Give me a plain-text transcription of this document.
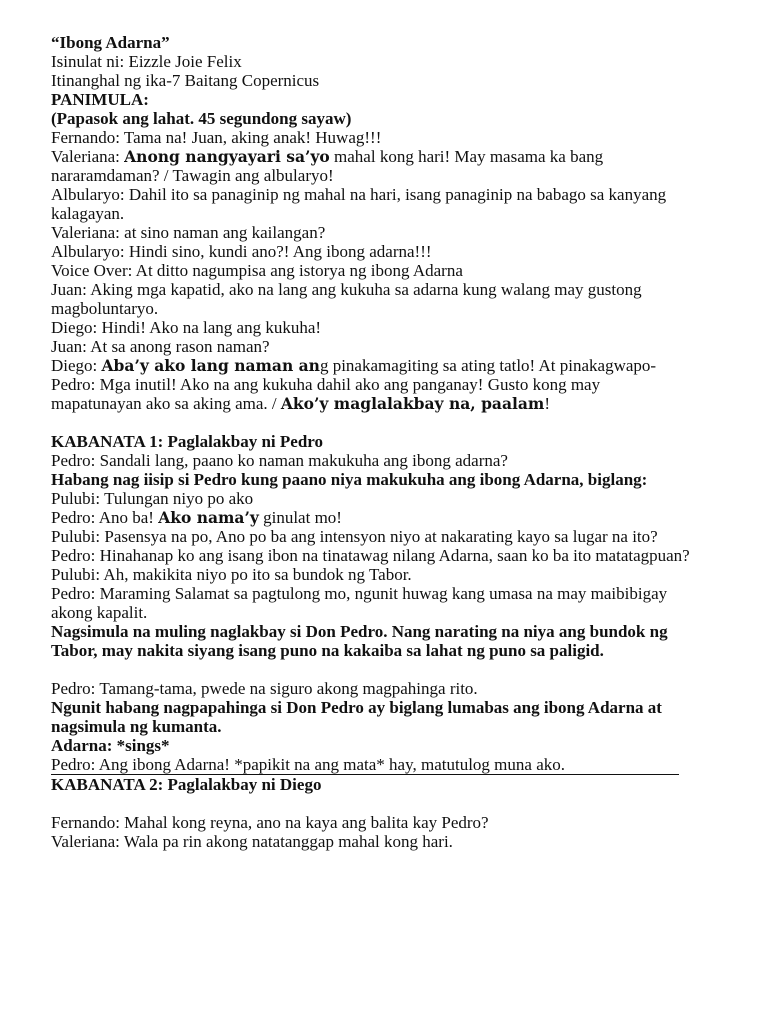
“Ibong Adarna”

Isinulat ni: Eizzle Joie Felix

Itinanghal ng ika-7 Baitang Copernicus

PANIMULA:

(Papasok ang lahat. 45 segundong sayaw)

Fernando: Tama na! Juan, aking anak! Huwag!!!

Valeriana: Anong nangyayari sa’yo mahal kong hari! May masama ka bang nararamdaman? / Tawagin ang albularyo!

Albularyo: Dahil ito sa panaginip ng mahal na hari, isang panaginip na babago sa kanyang kalagayan.

Valeriana: at sino naman ang kailangan?

Albularyo: Hindi sino, kundi ano?! Ang ibong adarna!!!

Voice Over: At ditto nagumpisa ang istorya ng ibong Adarna

Juan: Aking mga kapatid, ako na lang ang kukuha sa adarna kung walang may gustong magboluntaryo.

Diego: Hindi! Ako na lang ang kukuha!

Juan: At sa anong rason naman?

Diego: Aba’y ako lang naman ang pinakamagiting sa ating tatlo! At pinakagwapo-

Pedro: Mga inutil! Ako na ang kukuha dahil ako ang panganay! Gusto kong may mapatunayan ako sa aking ama. / Ako’y maglalakbay na, paalam!

KABANATA 1: Paglalakbay ni Pedro

Pedro: Sandali lang, paano ko naman makukuha ang ibong adarna?

Habang nag iisip si Pedro kung paano niya makukuha ang ibong Adarna, biglang:

Pulubi: Tulungan niyo po ako

Pedro: Ano ba! Ako nama’y ginulat mo!

Pulubi: Pasensya na po, Ano po ba ang intensyon niyo at nakarating kayo sa lugar na ito?

Pedro: Hinahanap ko ang isang ibon na tinatawag nilang Adarna, saan ko ba ito matatagpuan?

Pulubi: Ah, makikita niyo po ito sa bundok ng Tabor.

Pedro: Maraming Salamat sa pagtulong mo, ngunit huwag kang umasa na may maibibigay akong kapalit.

Nagsimula na muling naglakbay si Don Pedro. Nang narating na niya ang bundok ng Tabor, may nakita siyang isang puno na kakaiba sa lahat ng puno sa paligid.

Pedro: Tamang-tama, pwede na siguro akong magpahinga rito.

Ngunit habang nagpapahinga si Don Pedro ay biglang lumabas ang ibong Adarna at nagsimula ng kumanta.

Adarna: *sings*

Pedro: Ang ibong Adarna! *papikit na ang mata* hay, matutulog muna ako.

KABANATA 2: Paglalakbay ni Diego

Fernando: Mahal kong reyna, ano na kaya ang balita kay Pedro?

Valeriana: Wala pa rin akong natatanggap mahal kong hari.
